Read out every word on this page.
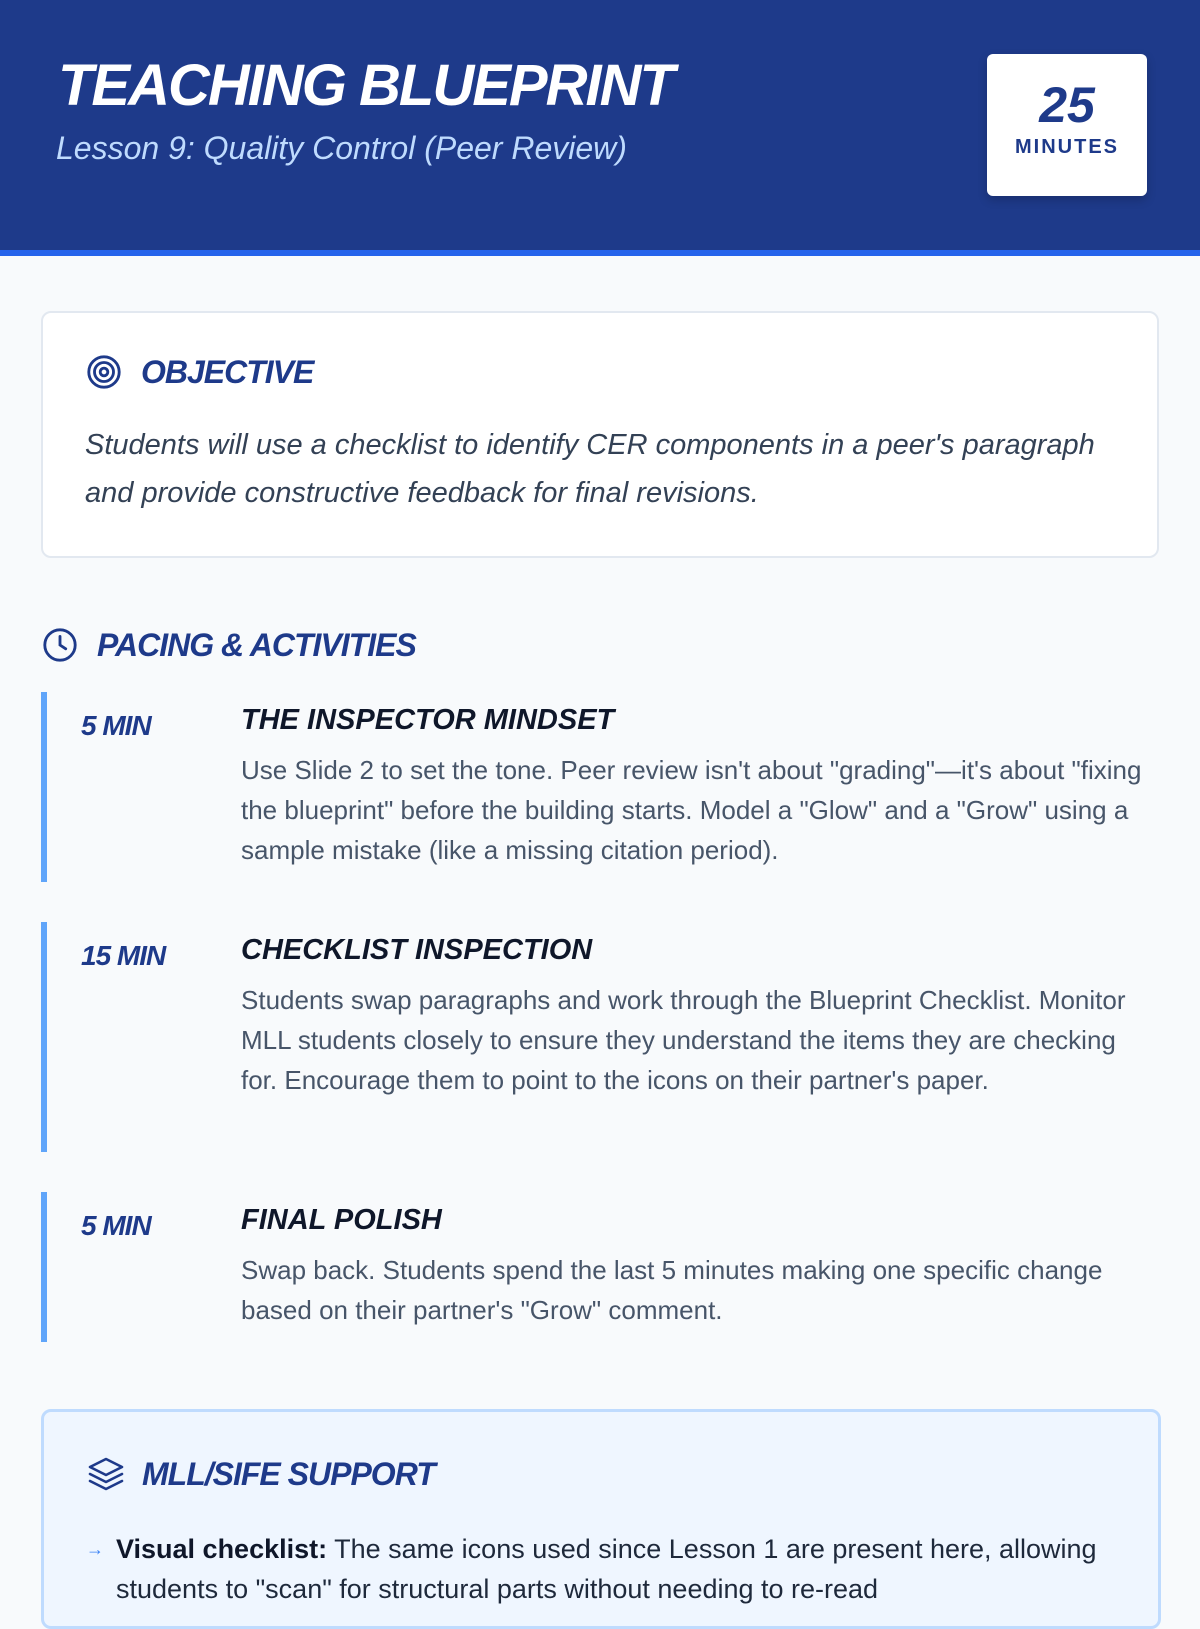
TEACHING BLUEPRINT
Lesson 9: Quality Control (Peer Review)
25
MINUTES
OBJECTIVE
Students will use a checklist to identify CER components in a peer's paragraph and provide constructive feedback for final revisions.
PACING & ACTIVITIES
5 MIN	THE INSPECTOR MINDSET
Use Slide 2 to set the tone. Peer review isn't about "grading"—it's about "fixing the blueprint" before the building starts. Model a "Glow" and a "Grow" using a sample mistake (like a missing citation period).
15 MIN	CHECKLIST INSPECTION
Students swap paragraphs and work through the Blueprint Checklist. Monitor MLL students closely to ensure they understand the items they are checking for. Encourage them to point to the icons on their partner's paper.
5 MIN	FINAL POLISH
Swap back. Students spend the last 5 minutes making one specific change based on their partner's "Grow" comment.
MLL/SIFE SUPPORT
→ Visual checklist: The same icons used since Lesson 1 are present here, allowing students to "scan" for structural parts without needing to re-read
